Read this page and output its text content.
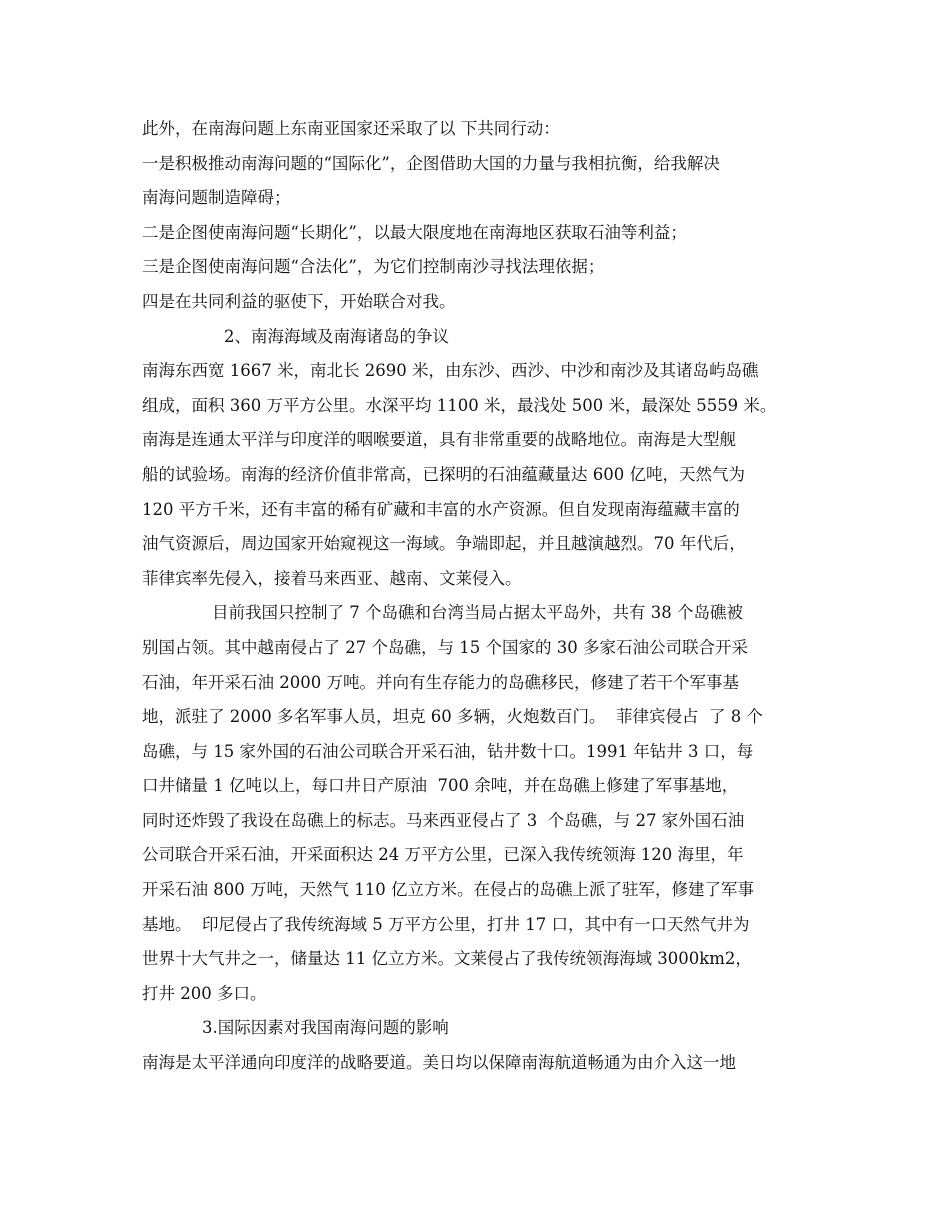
此外，在南海问题上东南亚国家还采取了以 下共同行动：
一是积极推动南海问题的“国际化”，企图借助大国的力量与我相抗衡，给我解决
南海问题制造障碍；
二是企图使南海问题“长期化”，以最大限度地在南海地区获取石油等利益；
三是企图使南海问题“合法化”，为它们控制南沙寻找法理依据；
四是在共同利益的驱使下，开始联合对我。
2、南海海域及南海诸岛的争议
南海东西宽 1667 米，南北长 2690 米，由东沙、西沙、中沙和南沙及其诸岛屿岛礁
组成，面积 360 万平方公里。水深平均 1100 米，最浅处 500 米，最深处 5559 米。
南海是连通太平洋与印度洋的咽喉要道，具有非常重要的战略地位。南海是大型舰
船的试验场。南海的经济价值非常高，已探明的石油蕴藏量达 600 亿吨，天然气为
120 平方千米，还有丰富的稀有矿藏和丰富的水产资源。但自发现南海蕴藏丰富的
油气资源后，周边国家开始窥视这一海域。争端即起，并且越演越烈。70 年代后，
菲律宾率先侵入，接着马来西亚、越南、文莱侵入。
目前我国只控制了 7 个岛礁和台湾当局占据太平岛外，共有 38 个岛礁被
别国占领。其中越南侵占了 27 个岛礁，与 15 个国家的 30 多家石油公司联合开采
石油，年开采石油 2000 万吨。并向有生存能力的岛礁移民，修建了若干个军事基
地，派驻了 2000 多名军事人员，坦克 60 多辆，火炮数百门。  菲律宾侵占  了 8 个
岛礁，与 15 家外国的石油公司联合开采石油，钻井数十口。1991 年钻井 3 口，每
口井储量 1 亿吨以上，每口井日产原油  700 余吨，并在岛礁上修建了军事基地，
同时还炸毁了我设在岛礁上的标志。马来西亚侵占了 3  个岛礁，与 27 家外国石油
公司联合开采石油，开采面积达 24 万平方公里，已深入我传统领海 120 海里，年
开采石油 800 万吨，天然气 110 亿立方米。在侵占的岛礁上派了驻军，修建了军事
基地。  印尼侵占了我传统海域 5 万平方公里，打井 17 口，其中有一口天然气井为
世界十大气井之一，储量达 11 亿立方米。文莱侵占了我传统领海海域 3000km2，
打井 200 多口。
3.国际因素对我国南海问题的影响
南海是太平洋通向印度洋的战略要道。美日均以保障南海航道畅通为由介入这一地
